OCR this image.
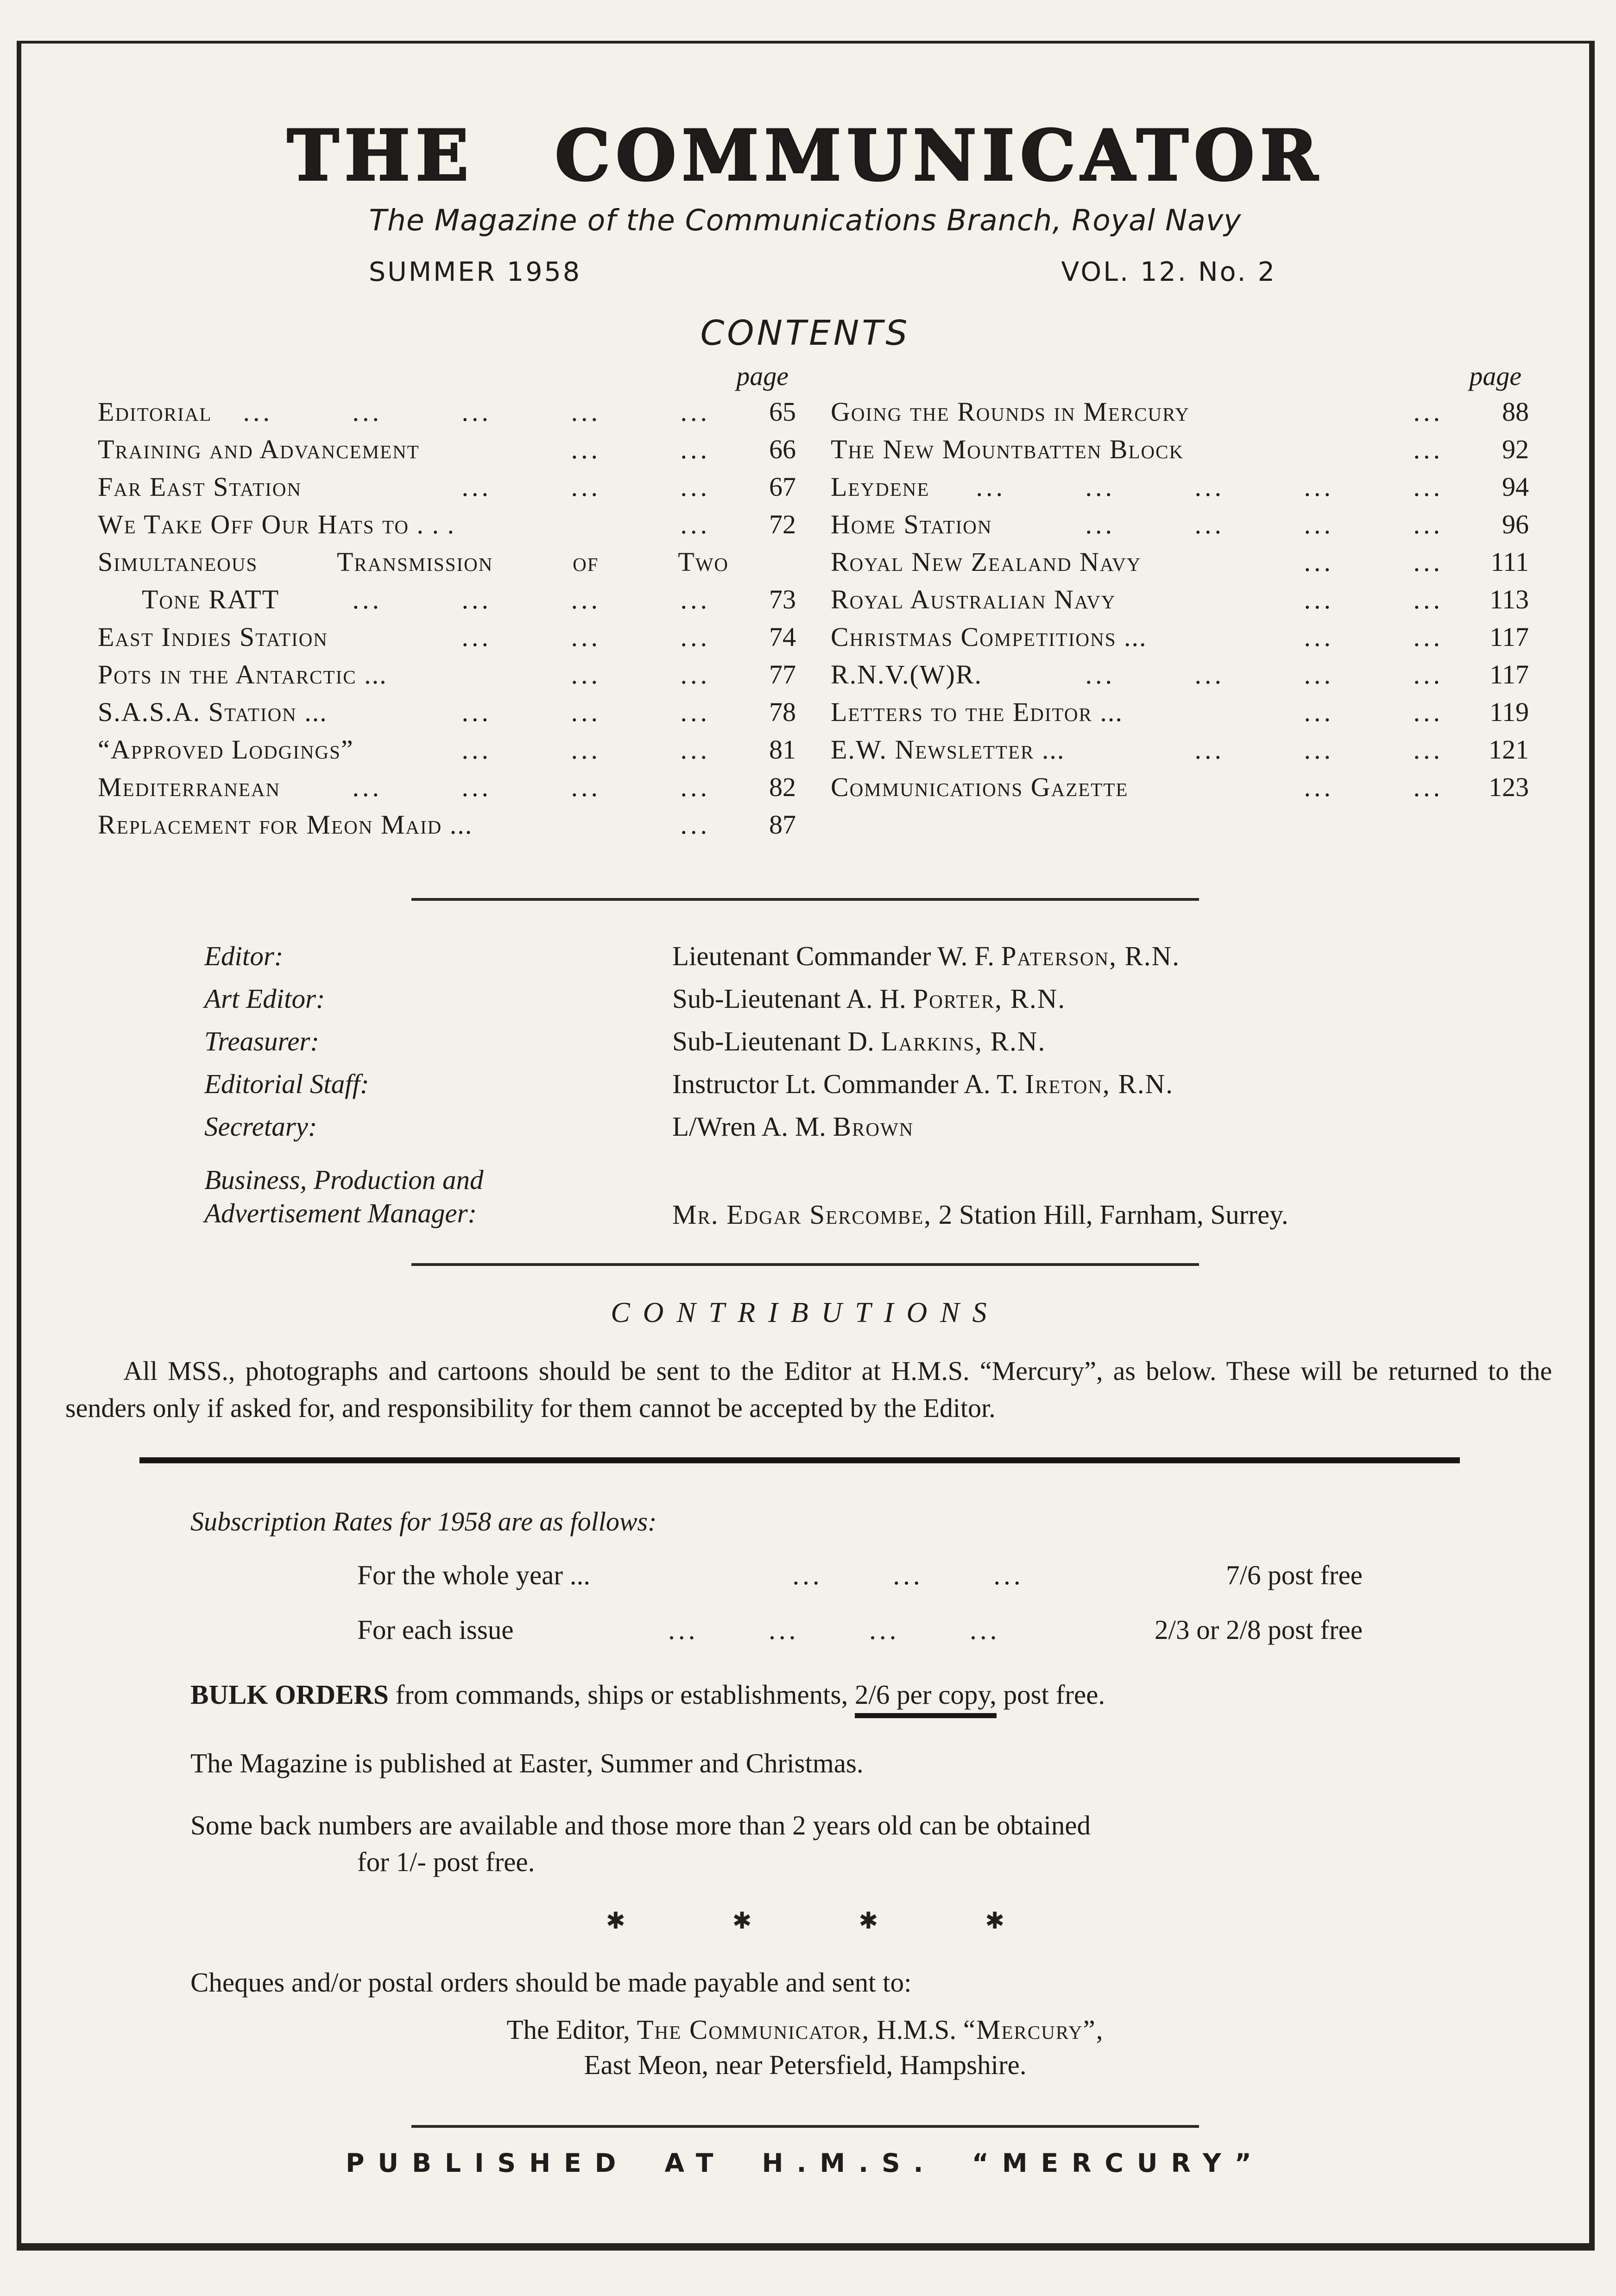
THE COMMUNICATOR
The Magazine of the Communications Branch, Royal Navy
SUMMER 1958	VOL. 12. No. 2
CONTENTS
page
Editorial	... ... ... ... ...	65
Training and Advancement	... ...	66
Far East Station	... ... ...	67
We Take Off Our Hats to . . .	...	72
Simultaneous Transmission of Two
Tone RATT	... ... ... ...	73
East Indies Station	... ... ...	74
Pots in the Antarctic ...	... ...	77
S.A.S.A. Station ...	... ... ...	78
“Approved Lodgings”	... ... ...	81
Mediterranean	... ... ... ...	82
Replacement for Meon Maid ...	...	87
page
Going the Rounds in Mercury	...	88
The New Mountbatten Block	...	92
Leydene	... ... ... ... ...	94
Home Station	... ... ... ...	96
Royal New Zealand Navy	... ...	111
Royal Australian Navy	... ...	113
Christmas Competitions ...	... ...	117
R.N.V.(W)R.	... ... ... ...	117
Letters to the Editor ...	... ...	119
E.W. Newsletter ...	... ... ...	121
Communications Gazette	... ...	123
Editor:	Lieutenant Commander W. F. Paterson, R.N.
Art Editor:	Sub-Lieutenant A. H. Porter, R.N.
Treasurer:	Sub-Lieutenant D. Larkins, R.N.
Editorial Staff:	Instructor Lt. Commander A. T. Ireton, R.N.
Secretary:	L/Wren A. M. Brown
Business, Production and
Advertisement Manager:	Mr. Edgar Sercombe, 2 Station Hill, Farnham, Surrey.
CONTRIBUTIONS
All MSS., photographs and cartoons should be sent to the Editor at H.M.S. “Mercury”, as below. These will be returned to the senders only if asked for, and responsibility for them cannot be accepted by the Editor.
Subscription Rates for 1958 are as follows:
For the whole year ...	... ... ...	7/6 post free
For each issue	... ... ... ...	2/3 or 2/8 post free
BULK ORDERS from commands, ships or establishments, 2/6 per copy, post free.
The Magazine is published at Easter, Summer and Christmas.
Some back numbers are available and those more than 2 years old can be obtained
for 1/- post free.
✱ ✱ ✱ ✱
Cheques and/or postal orders should be made payable and sent to:
The Editor, The Communicator, H.M.S. “Mercury”,
East Meon, near Petersfield, Hampshire.
PUBLISHED AT H.M.S. “MERCURY”
